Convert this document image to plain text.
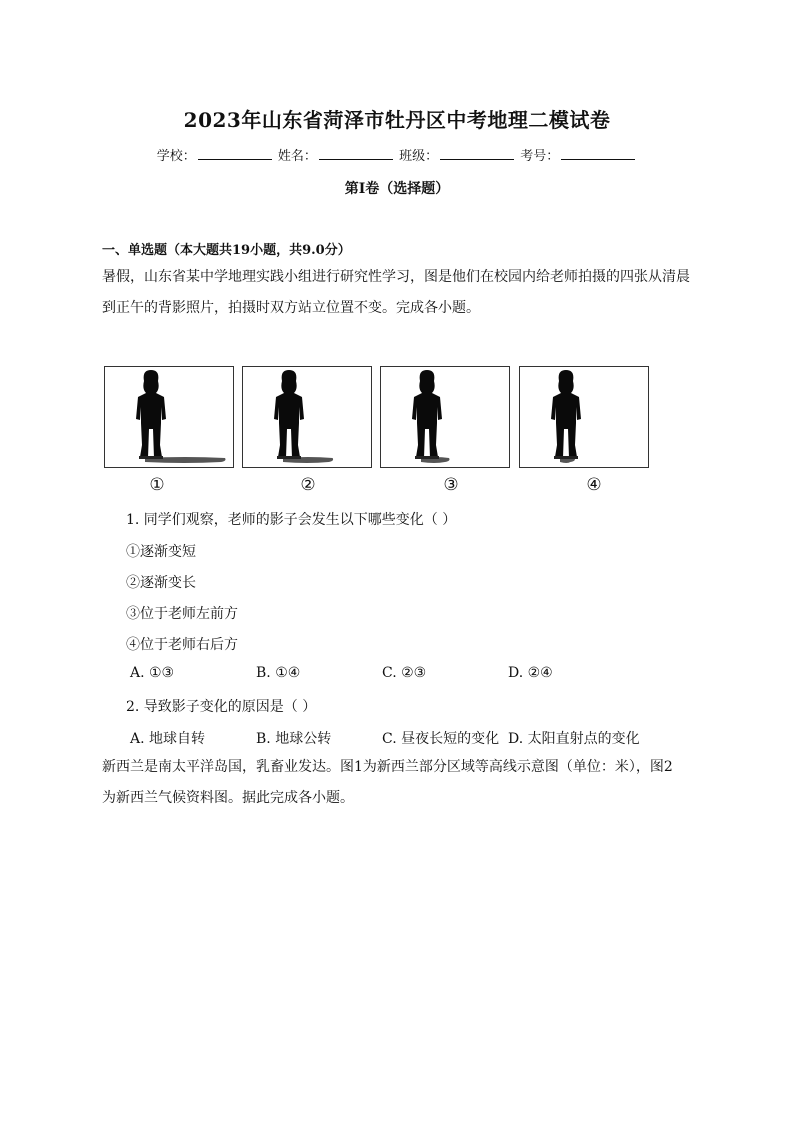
2023年山东省菏泽市牡丹区中考地理二模试卷
学校：	姓名：	班级：	考号：
第I卷（选择题）
一、单选题（本大题共19小题，共9.0分）
暑假，山东省某中学地理实践小组进行研究性学习，图是他们在校园内给老师拍摄的四张从清晨
到正午的背影照片，拍摄时双方站立位置不变。完成各小题。
①	②	③	④
1. 同学们观察，老师的影子会发生以下哪些变化（ ）
①逐渐变短
②逐渐变长
③位于老师左前方
④位于老师右后方
A. ①③	B. ①④	C. ②③	D. ②④
2. 导致影子变化的原因是（ ）
A. 地球自转	B. 地球公转	C. 昼夜长短的变化 D. 太阳直射点的变化
新西兰是南太平洋岛国，乳畜业发达。图1为新西兰部分区域等高线示意图（单位：米），图2
为新西兰气候资料图。据此完成各小题。
